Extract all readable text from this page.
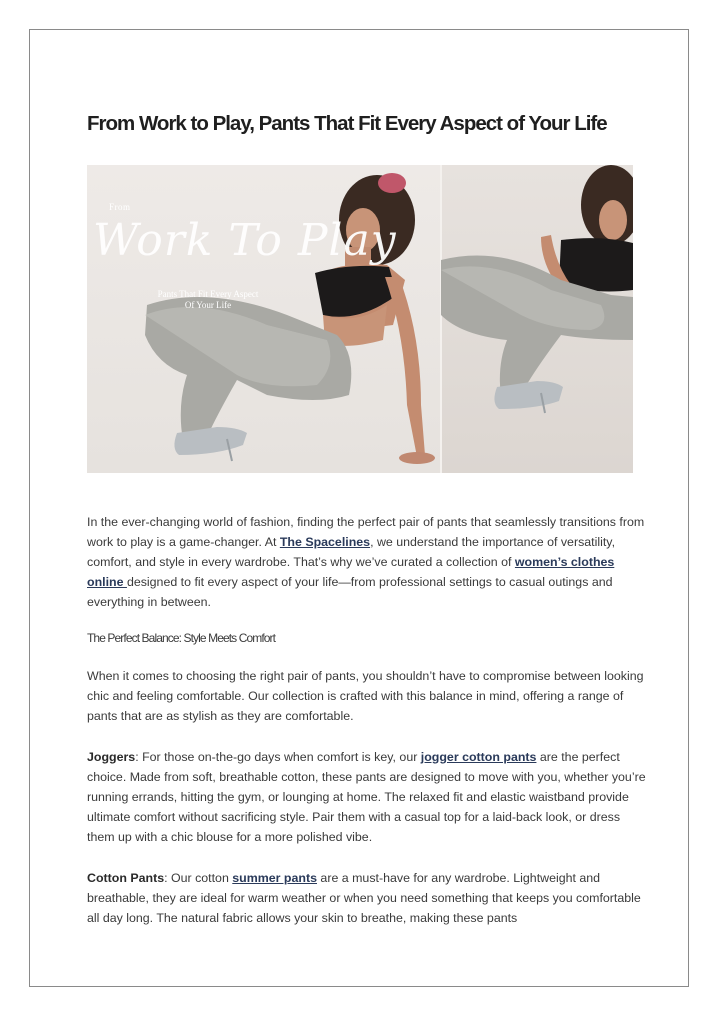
From Work to Play, Pants That Fit Every Aspect of Your Life
From
Work To Play
Pants That Fit Every Aspect
Of Your Life

In the ever-changing world of fashion, finding the perfect pair of pants that seamlessly transitions from work to play is a game-changer. At The Spacelines, we understand the importance of versatility, comfort, and style in every wardrobe. That’s why we’ve curated a collection of women’s clothes online designed to fit every aspect of your life—from professional settings to casual outings and everything in between.

The Perfect Balance: Style Meets Comfort

When it comes to choosing the right pair of pants, you shouldn’t have to compromise between looking chic and feeling comfortable. Our collection is crafted with this balance in mind, offering a range of pants that are as stylish as they are comfortable.

Joggers: For those on-the-go days when comfort is key, our jogger cotton pants are the perfect choice. Made from soft, breathable cotton, these pants are designed to move with you, whether you’re running errands, hitting the gym, or lounging at home. The relaxed fit and elastic waistband provide ultimate comfort without sacrificing style. Pair them with a casual top for a laid-back look, or dress them up with a chic blouse for a more polished vibe.

Cotton Pants: Our cotton summer pants are a must-have for any wardrobe. Lightweight and breathable, they are ideal for warm weather or when you need something that keeps you comfortable all day long. The natural fabric allows your skin to breathe, making these pants
